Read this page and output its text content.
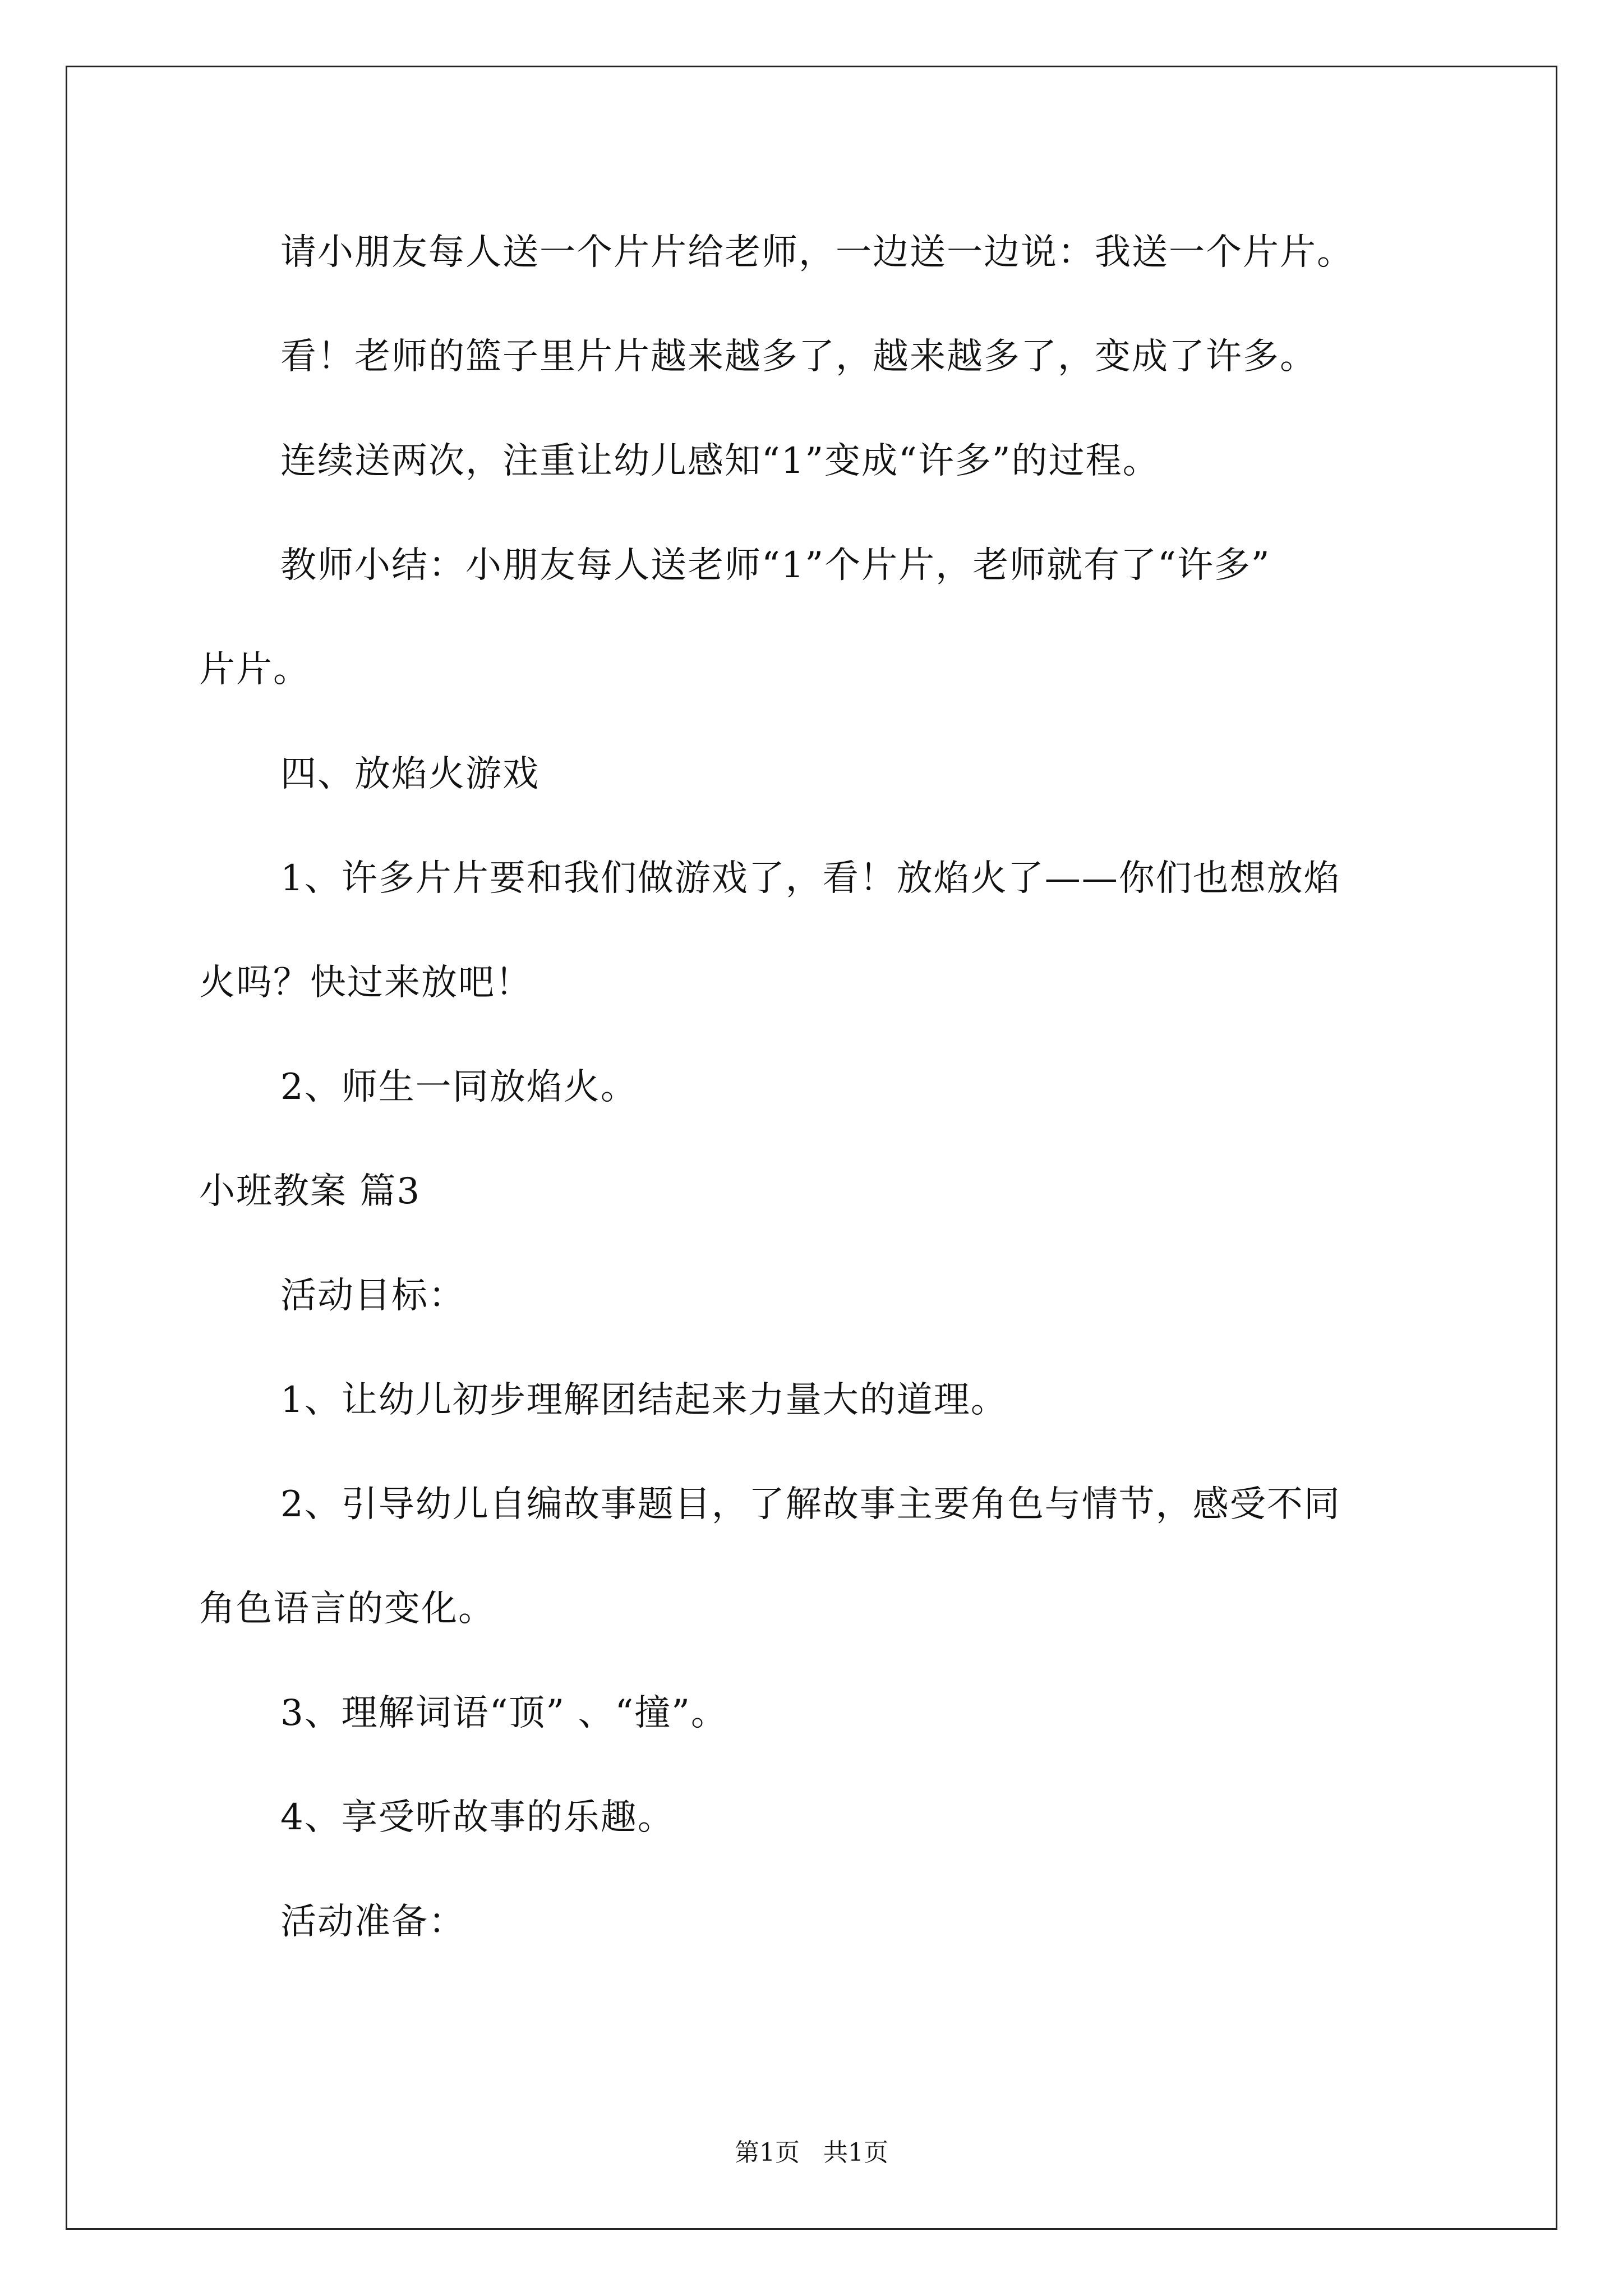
请小朋友每人送一个片片给老师，一边送一边说：我送一个片片。
看！老师的篮子里片片越来越多了，越来越多了，变成了许多。
连续送两次，注重让幼儿感知“1”变成“许多”的过程。
教师小结：小朋友每人送老师“1”个片片，老师就有了“许多”
片片。
四、放焰火游戏
1、许多片片要和我们做游戏了，看！放焰火了——你们也想放焰
火吗？快过来放吧！
2、师生一同放焰火。
小班教案 篇3
活动目标：
1、让幼儿初步理解团结起来力量大的道理。
2、引导幼儿自编故事题目，了解故事主要角色与情节，感受不同
角色语言的变化。
3、理解词语“顶” 、“撞”。
4、享受听故事的乐趣。
活动准备：
第1页   共1页
